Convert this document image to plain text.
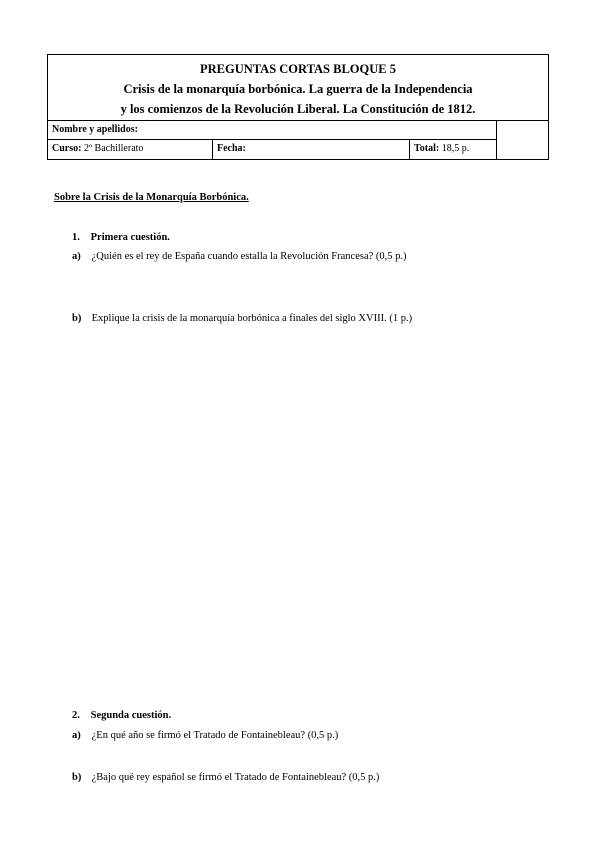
PREGUNTAS CORTAS BLOQUE 5
Crisis de la monarquía borbónica. La guerra de la Independencia
y los comienzos de la Revolución Liberal. La Constitución de 1812.
Nombre y apellidos:
Curso: 2º Bachillerato	Fecha:	Total: 18,5 p.
Sobre la Crisis de la Monarquía Borbónica.
1. Primera cuestión.
a) ¿Quién es el rey de España cuando estalla la Revolución Francesa? (0,5 p.)
b) Explique la crisis de la monarquía borbónica a finales del siglo XVIII. (1 p.)
2. Segunda cuestión.
a) ¿En qué año se firmó el Tratado de Fontainebleau? (0,5 p.)
b) ¿Bajo qué rey español se firmó el Tratado de Fontainebleau? (0,5 p.)
